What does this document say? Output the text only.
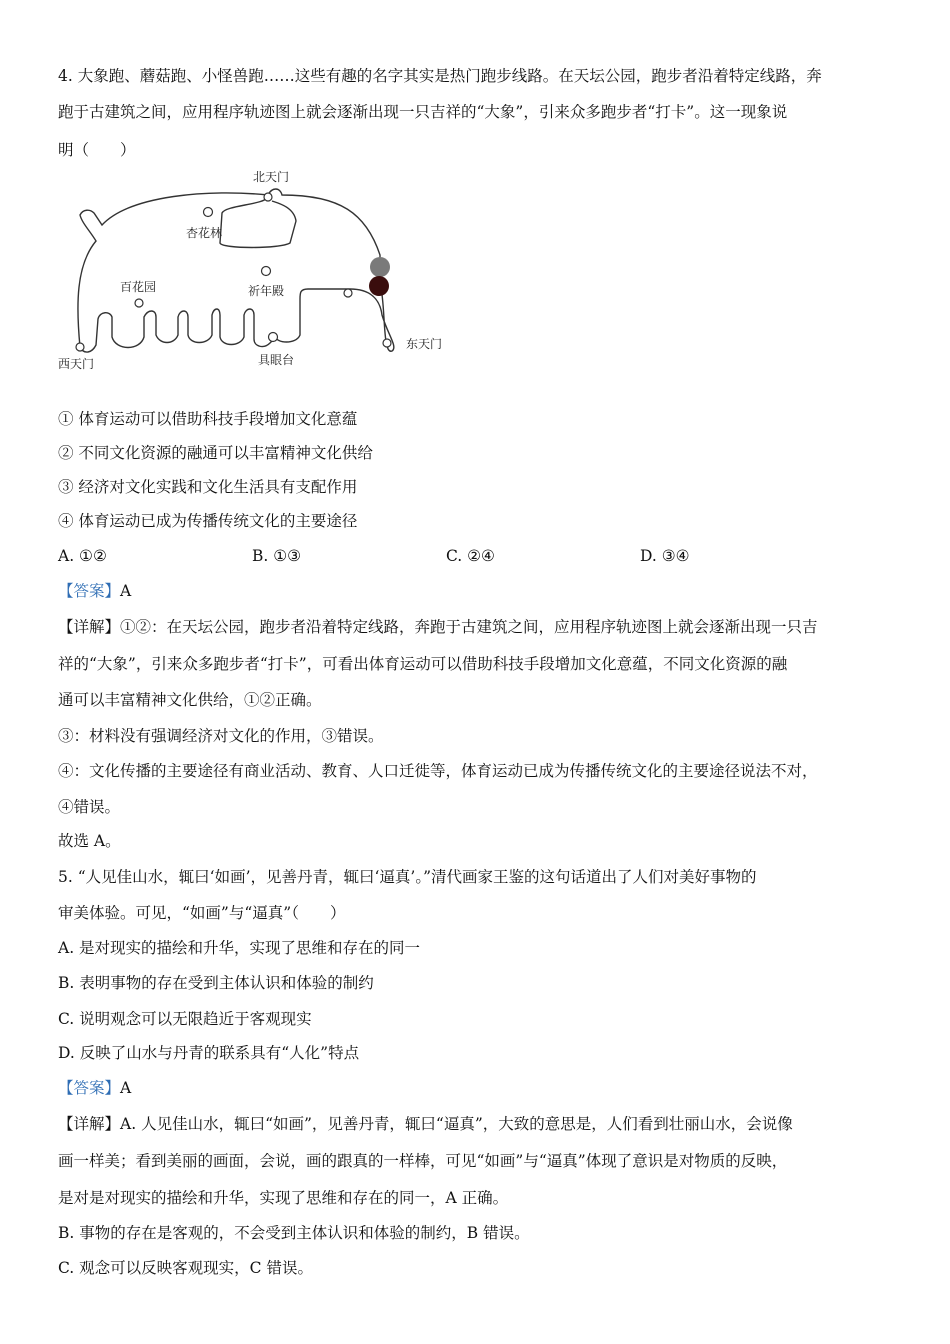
4. 大象跑、蘑菇跑、小怪兽跑……这些有趣的名字其实是热门跑步线路。在天坛公园，跑步者沿着特定线路，奔
跑于古建筑之间，应用程序轨迹图上就会逐渐出现一只吉祥的“大象”，引来众多跑步者“打卡”。这一现象说
明（　　）
北天门
杏花林
百花园	祈年殿
西天门	具眼台
东天门
① 体育运动可以借助科技手段增加文化意蕴
② 不同文化资源的融通可以丰富精神文化供给
③ 经济对文化实践和文化生活具有支配作用
④ 体育运动已成为传播传统文化的主要途径
A. ①②	B. ①③	C. ②④	D. ③④
【答案】A
【详解】①②：在天坛公园，跑步者沿着特定线路，奔跑于古建筑之间，应用程序轨迹图上就会逐渐出现一只吉
祥的“大象”，引来众多跑步者“打卡”，可看出体育运动可以借助科技手段增加文化意蕴，不同文化资源的融
通可以丰富精神文化供给，①②正确。
③：材料没有强调经济对文化的作用，③错误。
④：文化传播的主要途径有商业活动、教育、人口迁徙等，体育运动已成为传播传统文化的主要途径说法不对，
④错误。
故选 A。
5. “人见佳山水，辄曰‘如画’，见善丹青，辄曰‘逼真’。”清代画家王鉴的这句话道出了人们对美好事物的
审美体验。可见，“如画”与“逼真”（　　）
A. 是对现实的描绘和升华，实现了思维和存在的同一
B. 表明事物的存在受到主体认识和体验的制约
C. 说明观念可以无限趋近于客观现实
D. 反映了山水与丹青的联系具有“人化”特点
【答案】A
【详解】A. 人见佳山水，辄曰“如画”，见善丹青，辄曰“逼真”，大致的意思是，人们看到壮丽山水，会说像
画一样美；看到美丽的画面，会说，画的跟真的一样棒，可见“如画”与“逼真”体现了意识是对物质的反映，
是对是对现实的描绘和升华，实现了思维和存在的同一，A 正确。
B. 事物的存在是客观的，不会受到主体认识和体验的制约，B 错误。
C. 观念可以反映客观现实，C 错误。
